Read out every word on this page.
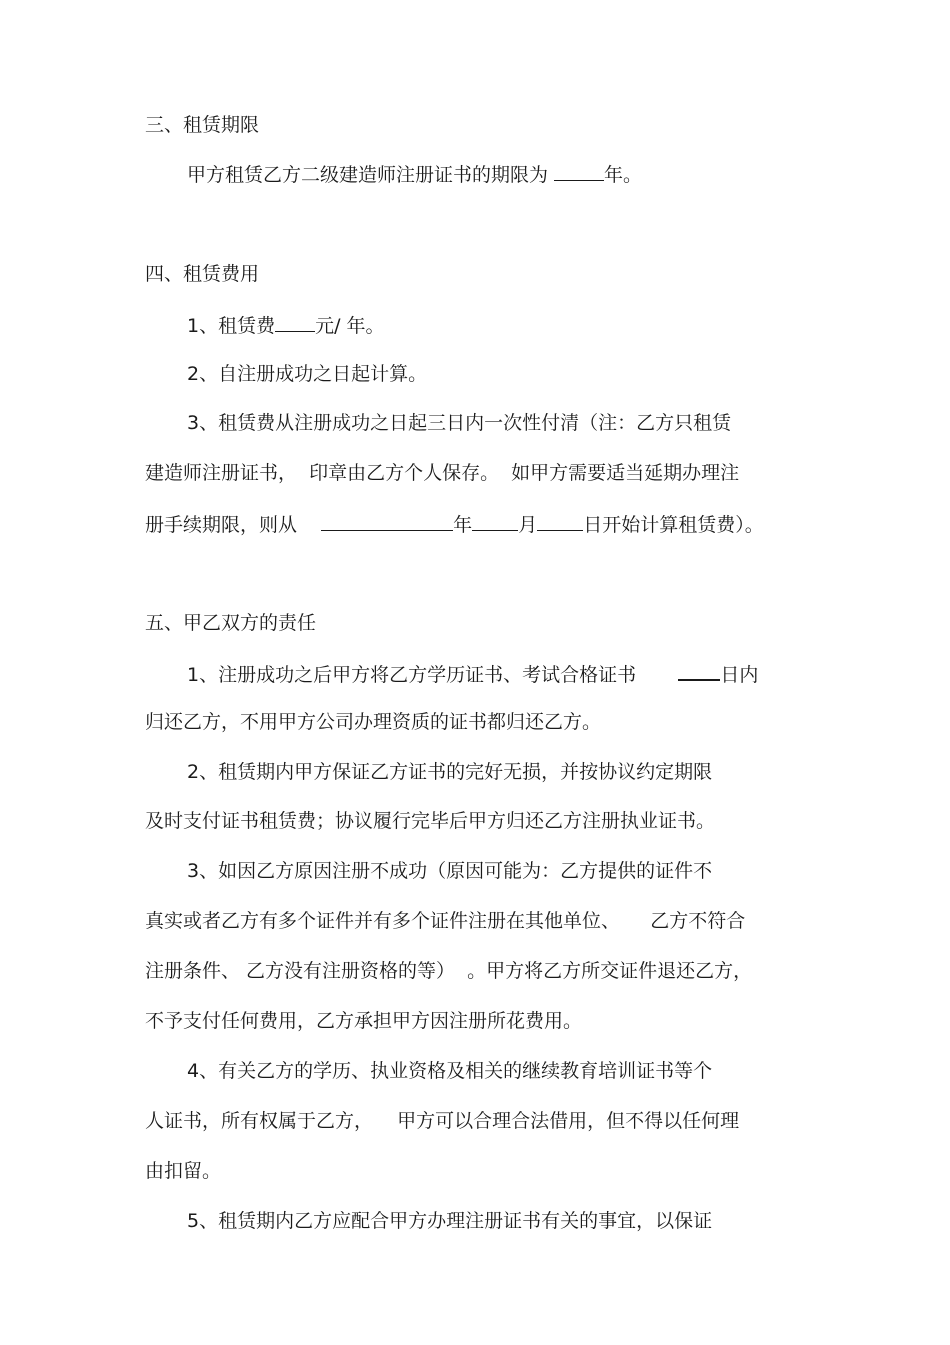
三、租赁期限
甲方租赁乙方二级建造师注册证书的期限为	年。
四、租赁费用
1、租赁费 元/ 年。
2、自注册成功之日起计算。
3、租赁费从注册成功之日起三日内一次性付清（注：乙方只租赁
建造师注册证书，  印章由乙方个人保存。  如甲方需要适当延期办理注
册手续期限，则从	年 月 日开始计算租赁费）。
五、甲乙双方的责任
1、注册成功之后甲方将乙方学历证书、考试合格证书       日内
归还乙方，不用甲方公司办理资质的证书都归还乙方。
2、租赁期内甲方保证乙方证书的完好无损，并按协议约定期限
及时支付证书租赁费；协议履行完毕后甲方归还乙方注册执业证书。
3、如因乙方原因注册不成功（原因可能为：乙方提供的证件不
真实或者乙方有多个证件并有多个证件注册在其他单位、     乙方不符合
注册条件、 乙方没有注册资格的等）  。甲方将乙方所交证件退还乙方，
不予支付任何费用，乙方承担甲方因注册所花费用。
4、有关乙方的学历、执业资格及相关的继续教育培训证书等个
人证书，所有权属于乙方，    甲方可以合理合法借用，但不得以任何理
由扣留。
5、租赁期内乙方应配合甲方办理注册证书有关的事宜，以保证
